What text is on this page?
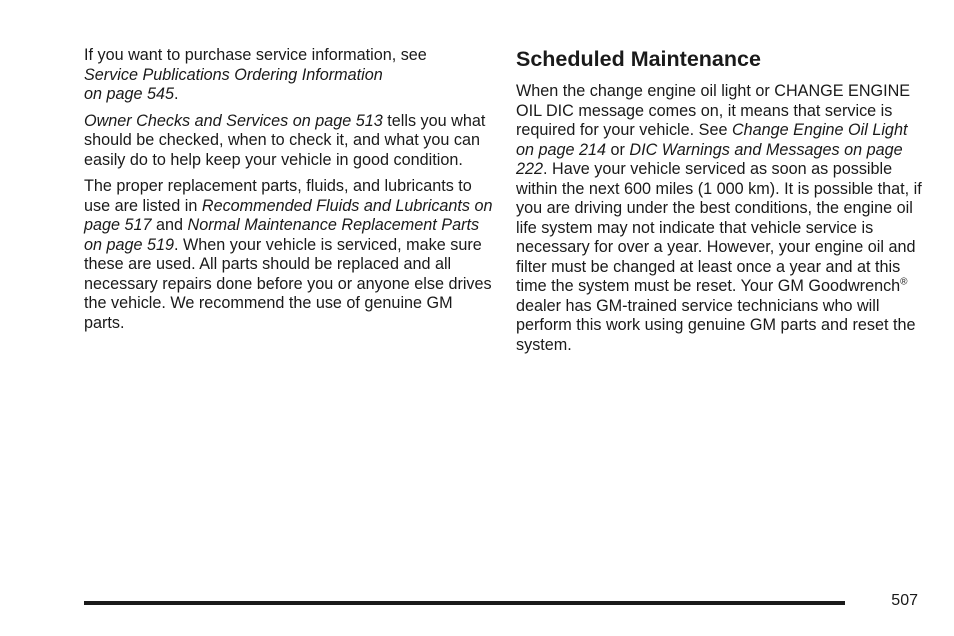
If you want to purchase service information, see
Service Publications Ordering Information
on page 545.

Owner Checks and Services on page 513 tells you what should be checked, when to check it, and what you can easily do to help keep your vehicle in good condition.

The proper replacement parts, fluids, and lubricants to use are listed in Recommended Fluids and Lubricants on page 517 and Normal Maintenance Replacement Parts on page 519. When your vehicle is serviced, make sure these are used. All parts should be replaced and all necessary repairs done before you or anyone else drives the vehicle. We recommend the use of genuine GM parts.

Scheduled Maintenance

When the change engine oil light or CHANGE ENGINE OIL DIC message comes on, it means that service is required for your vehicle. See Change Engine Oil Light on page 214 or DIC Warnings and Messages on page 222. Have your vehicle serviced as soon as possible within the next 600 miles (1 000 km). It is possible that, if you are driving under the best conditions, the engine oil life system may not indicate that vehicle service is necessary for over a year. However, your engine oil and filter must be changed at least once a year and at this time the system must be reset. Your GM Goodwrench® dealer has GM-trained service technicians who will perform this work using genuine GM parts and reset the system.

507
